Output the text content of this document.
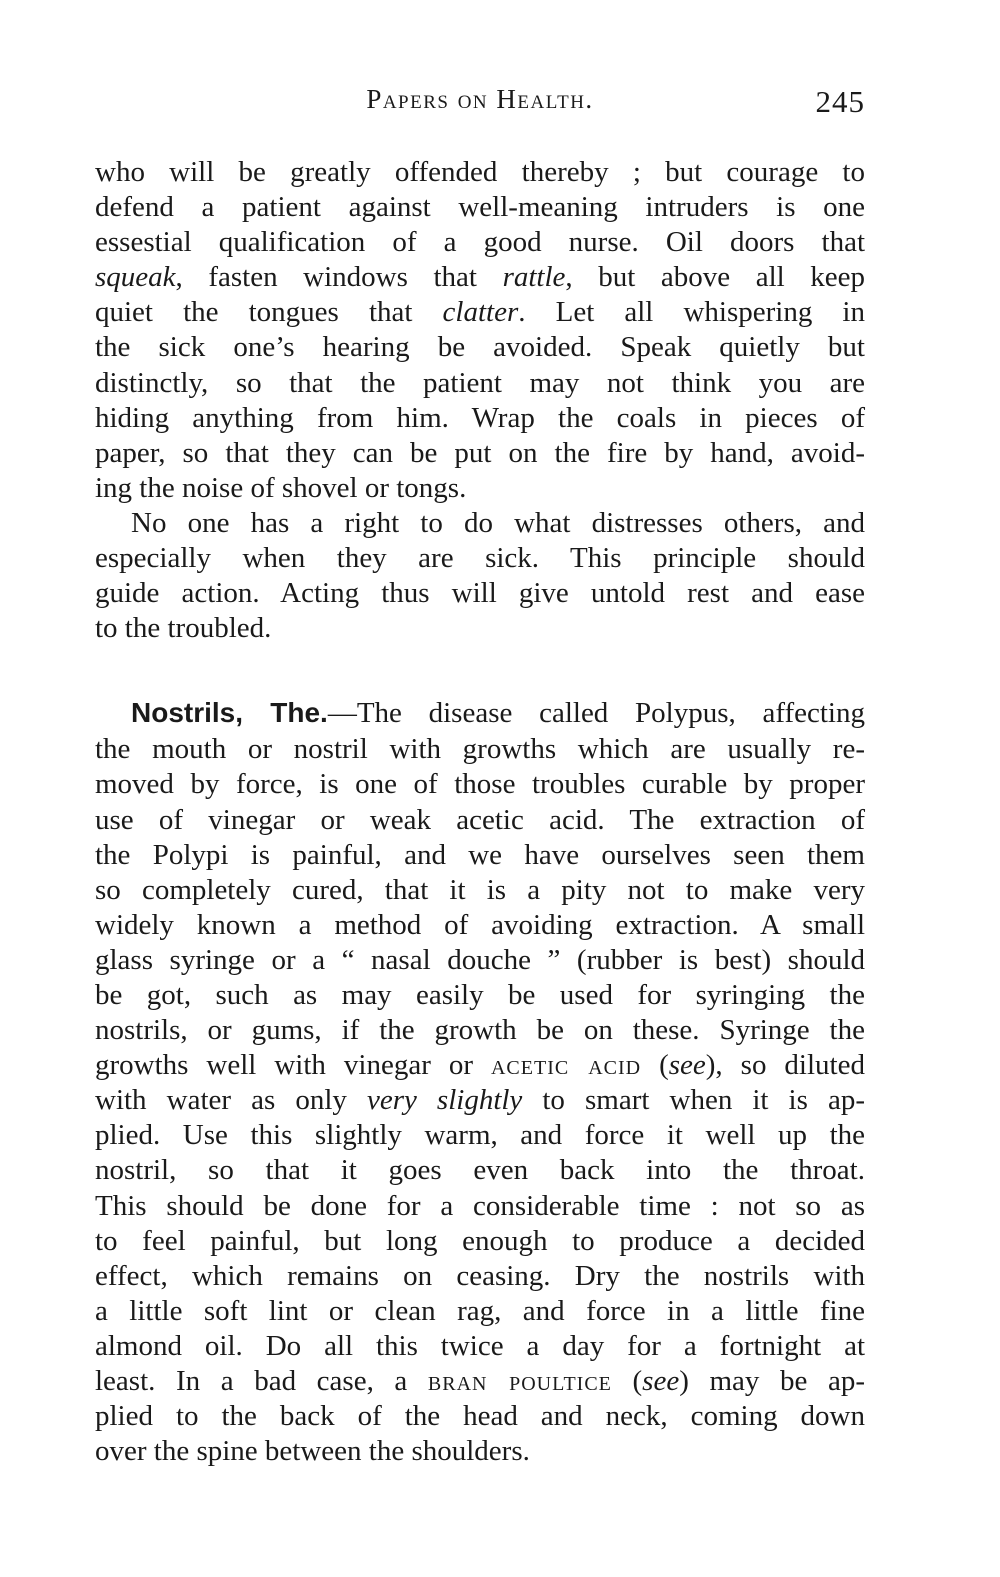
Papers on Health.	245
who will be greatly offended thereby ; but courage to
defend a patient against well-meaning intruders is one
essestial qualification of a good nurse. Oil doors that
squeak, fasten windows that rattle, but above all keep
quiet the tongues that clatter. Let all whispering in
the sick one’s hearing be avoided. Speak quietly but
distinctly, so that the patient may not think you are
hiding anything from him. Wrap the coals in pieces of
paper, so that they can be put on the fire by hand, avoid-
ing the noise of shovel or tongs.
No one has a right to do what distresses others, and
especially when they are sick. This principle should
guide action. Acting thus will give untold rest and ease
to the troubled.
Nostrils, The.—The disease called Polypus, affecting
the mouth or nostril with growths which are usually re-
moved by force, is one of those troubles curable by proper
use of vinegar or weak acetic acid. The extraction of
the Polypi is painful, and we have ourselves seen them
so completely cured, that it is a pity not to make very
widely known a method of avoiding extraction. A small
glass syringe or a “ nasal douche ” (rubber is best) should
be got, such as may easily be used for syringing the
nostrils, or gums, if the growth be on these. Syringe the
growths well with vinegar or acetic acid (see), so diluted
with water as only very slightly to smart when it is ap-
plied. Use this slightly warm, and force it well up the
nostril, so that it goes even back into the throat.
This should be done for a considerable time : not so as
to feel painful, but long enough to produce a decided
effect, which remains on ceasing. Dry the nostrils with
a little soft lint or clean rag, and force in a little fine
almond oil. Do all this twice a day for a fortnight at
least. In a bad case, a bran poultice (see) may be ap-
plied to the back of the head and neck, coming down
over the spine between the shoulders.
